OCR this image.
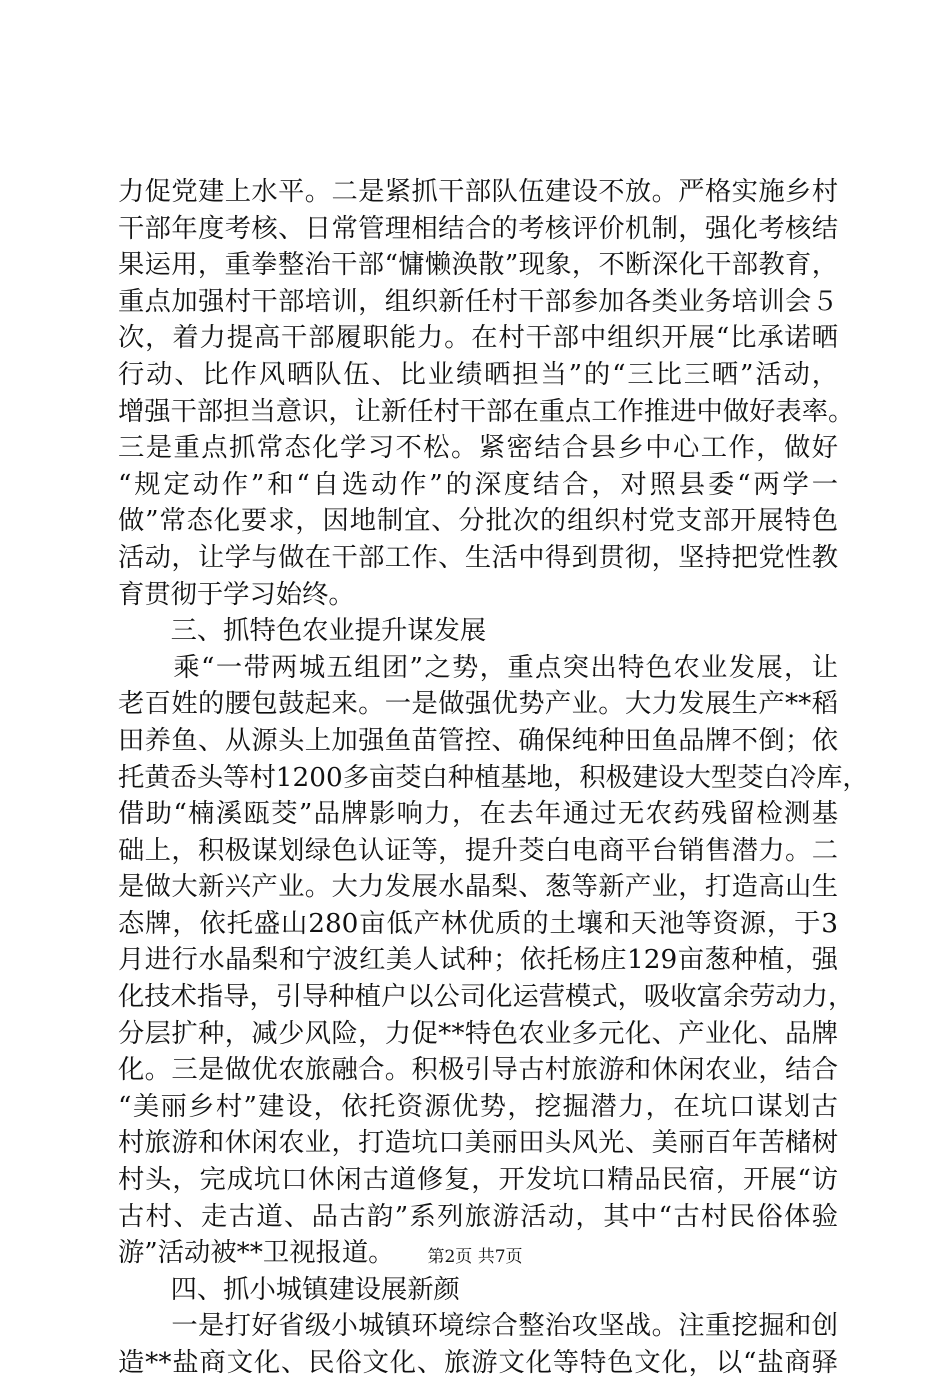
力促党建上水平。二是紧抓干部队伍建设不放。严格实施乡村
干部年度考核、日常管理相结合的考核评价机制，强化考核结
果运用，重拳整治干部“慵懒涣散”现象，不断深化干部教育，
重点加强村干部培训，组织新任村干部参加各类业务培训会５
次，着力提高干部履职能力。在村干部中组织开展“比承诺晒
行动、比作风晒队伍、比业绩晒担当”的“三比三晒”活动，
增强干部担当意识，让新任村干部在重点工作推进中做好表率。
三是重点抓常态化学习不松。紧密结合县乡中心工作，做好
“规定动作”和“自选动作”的深度结合，对照县委“两学一
做”常态化要求，因地制宜、分批次的组织村党支部开展特色
活动，让学与做在干部工作、生活中得到贯彻，坚持把党性教
育贯彻于学习始终。
　　三、抓特色农业提升谋发展
　　乘“一带两城五组团”之势，重点突出特色农业发展，让
老百姓的腰包鼓起来。一是做强优势产业。大力发展生产**稻
田养鱼、从源头上加强鱼苗管控、确保纯种田鱼品牌不倒；依
托黄岙头等村1200多亩茭白种植基地，积极建设大型茭白冷库，
借助“楠溪瓯茭”品牌影响力，在去年通过无农药残留检测基
础上，积极谋划绿色认证等，提升茭白电商平台销售潜力。二
是做大新兴产业。大力发展水晶梨、葱等新产业，打造高山生
态牌，依托盛山280亩低产林优质的土壤和天池等资源，于3
月进行水晶梨和宁波红美人试种；依托杨庄129亩葱种植，强
化技术指导，引导种植户以公司化运营模式，吸收富余劳动力，
分层扩种，减少风险，力促**特色农业多元化、产业化、品牌
化。三是做优农旅融合。积极引导古村旅游和休闲农业，结合
“美丽乡村”建设，依托资源优势，挖掘潜力，在坑口谋划古
村旅游和休闲农业，打造坑口美丽田头风光、美丽百年苦槠树
村头，完成坑口休闲古道修复，开发坑口精品民宿，开展“访
古村、走古道、品古韵”系列旅游活动，其中“古村民俗体验
游”活动被**卫视报道。
　　四、抓小城镇建设展新颜
　　一是打好省级小城镇环境综合整治攻坚战。注重挖掘和创
造**盐商文化、民俗文化、旅游文化等特色文化，以“盐商驿
第2页 共7页
